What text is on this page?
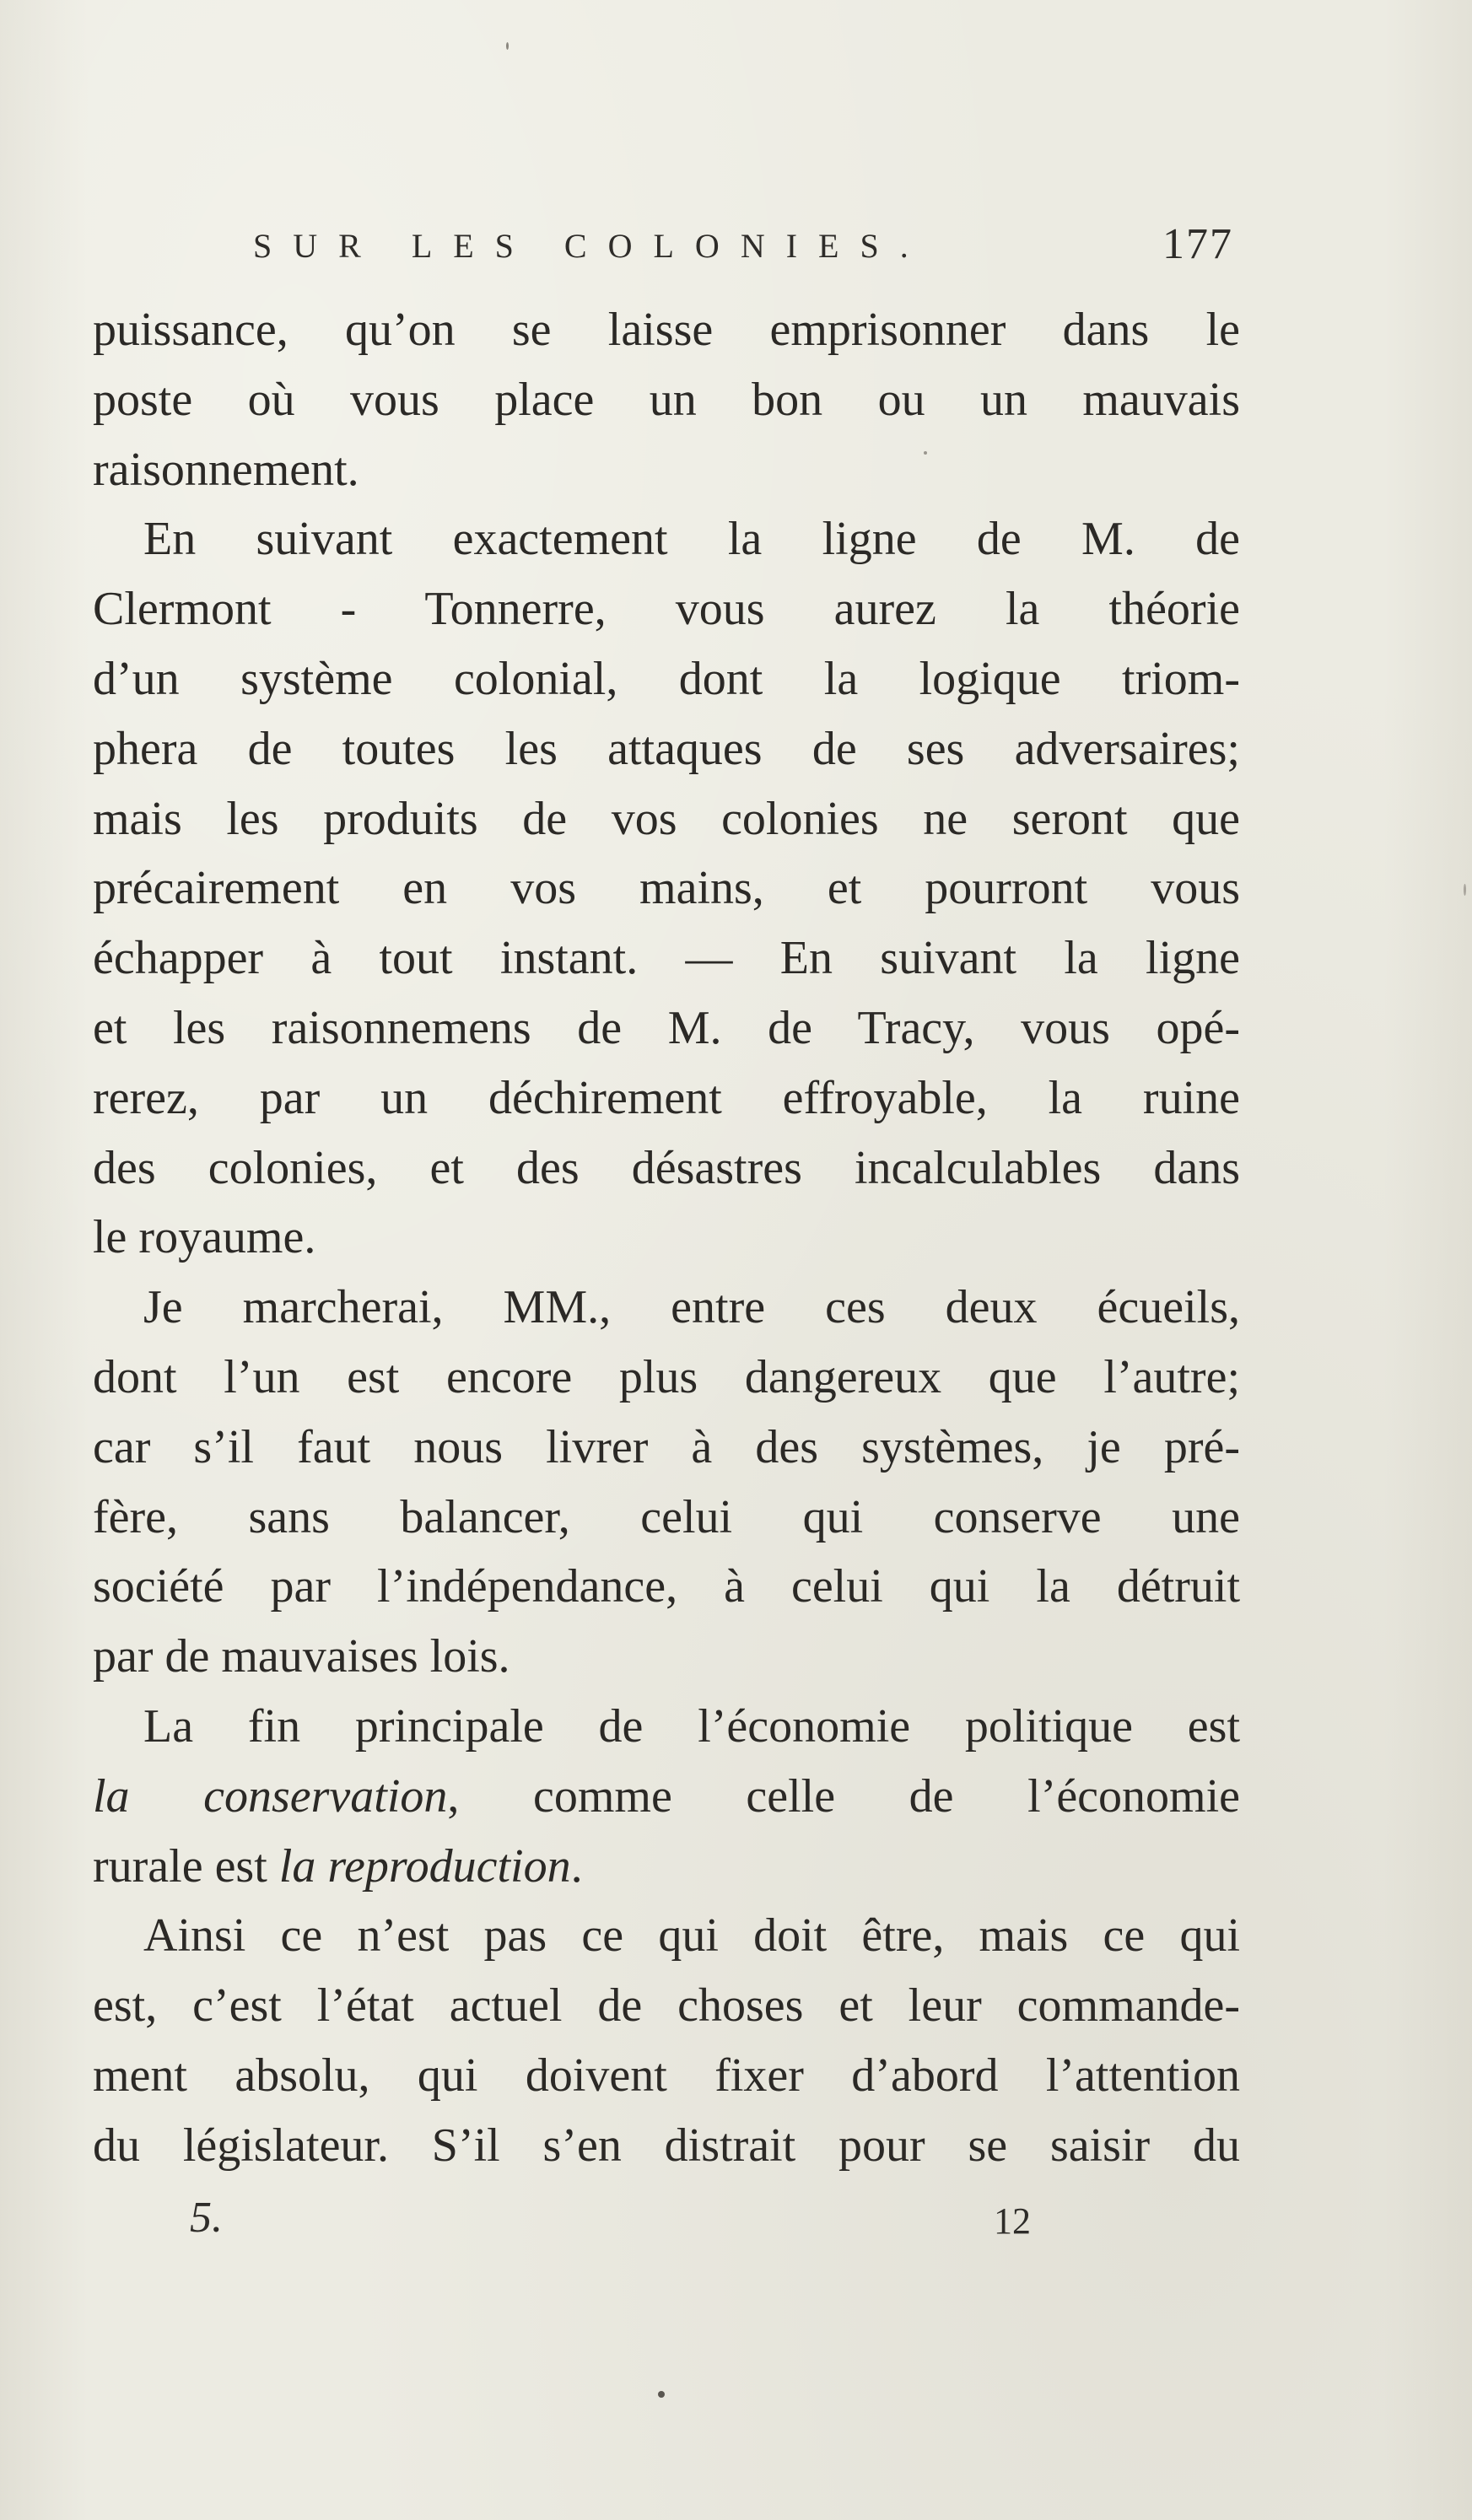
SUR LES COLONIES.	177
puissance, qu’on se laisse emprisonner dans le
poste où vous place un bon ou un mauvais
raisonnement.
En suivant exactement la ligne de M. de
Clermont - Tonnerre, vous aurez la théorie
d’un système colonial, dont la logique triom-
phera de toutes les attaques de ses adversaires;
mais les produits de vos colonies ne seront que
précairement en vos mains, et pourront vous
échapper à tout instant. — En suivant la ligne
et les raisonnemens de M. de Tracy, vous opé-
rerez, par un déchirement effroyable, la ruine
des colonies, et des désastres incalculables dans
le royaume.
Je marcherai, MM., entre ces deux écueils,
dont l’un est encore plus dangereux que l’autre;
car s’il faut nous livrer à des systèmes, je pré-
fère, sans balancer, celui qui conserve une
société par l’indépendance, à celui qui la détruit
par de mauvaises lois.
La fin principale de l’économie politique est
la conservation, comme celle de l’économie
rurale est la reproduction.
Ainsi ce n’est pas ce qui doit être, mais ce qui
est, c’est l’état actuel de choses et leur commande-
ment absolu, qui doivent fixer d’abord l’attention
du législateur. S’il s’en distrait pour se saisir du
5.	12
